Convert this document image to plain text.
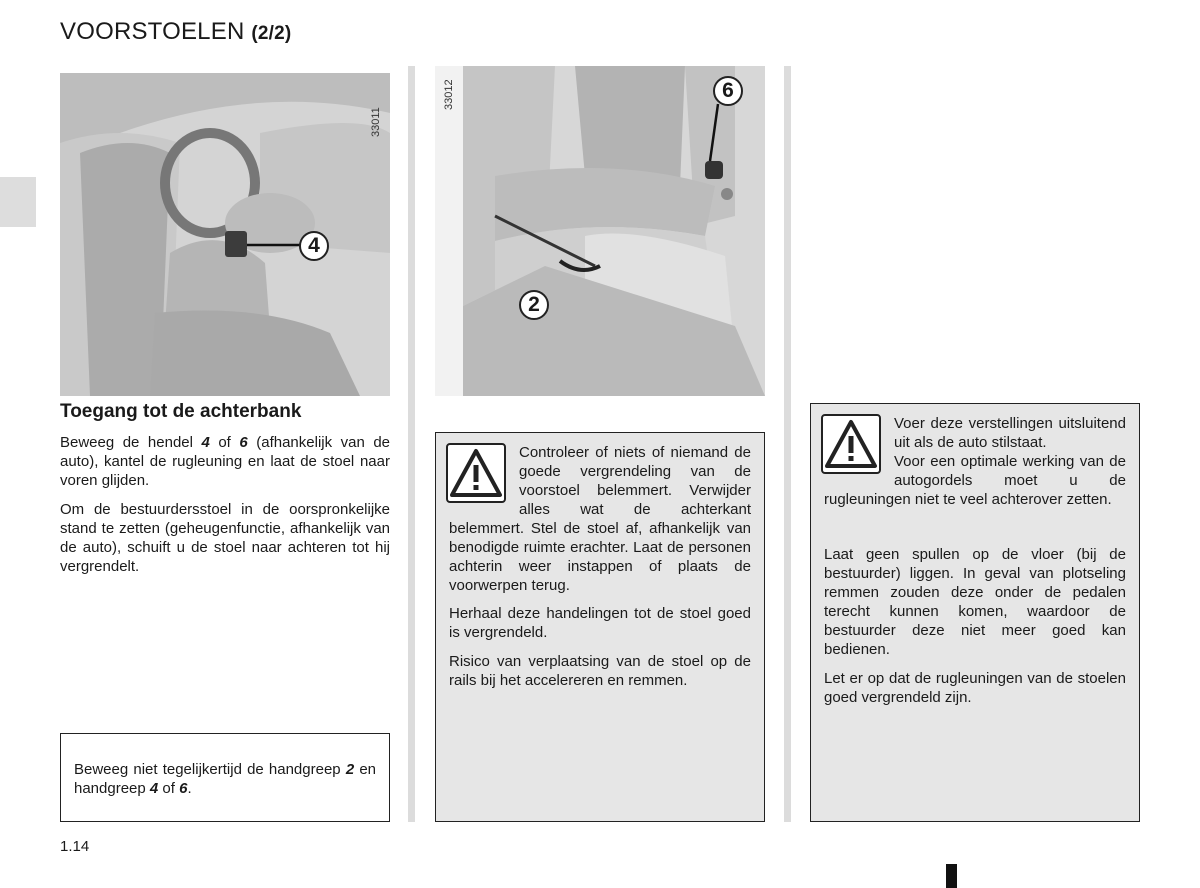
VOORSTOELEN (2/2)
4
33011
33012	6
2
Toegang tot de achterbank
Beweeg de hendel 4 of 6 (afhankelijk van de auto), kantel de rugleuning en laat de stoel naar voren glijden.
Om de bestuurdersstoel in de oorspronkelijke stand te zetten (geheugenfunctie, afhankelijk van de auto), schuift u de stoel naar achteren tot hij vergrendelt.
Beweeg niet tegelijkertijd de handgreep 2 en handgreep 4 of 6.
Controleer of niets of niemand de goede vergrendeling van de voorstoel belemmert. Verwijder alles wat de achterkant belemmert. Stel de stoel af, afhankelijk van benodigde ruimte erachter. Laat de personen achterin weer instappen of plaats de voorwerpen terug.
Herhaal deze handelingen tot de stoel goed is vergrendeld.
Risico van verplaatsing van de stoel op de rails bij het accelereren en remmen.
Voer deze verstellingen uitsluitend uit als de auto stilstaat.
Voor een optimale werking van de autogordels moet u de rugleuningen niet te veel achterover zetten.
Laat geen spullen op de vloer (bij de bestuurder) liggen. In geval van plotseling remmen zouden deze onder de pedalen terecht kunnen komen, waardoor de bestuurder deze niet meer goed kan bedienen.
Let er op dat de rugleuningen van de stoelen goed vergrendeld zijn.
1.14
